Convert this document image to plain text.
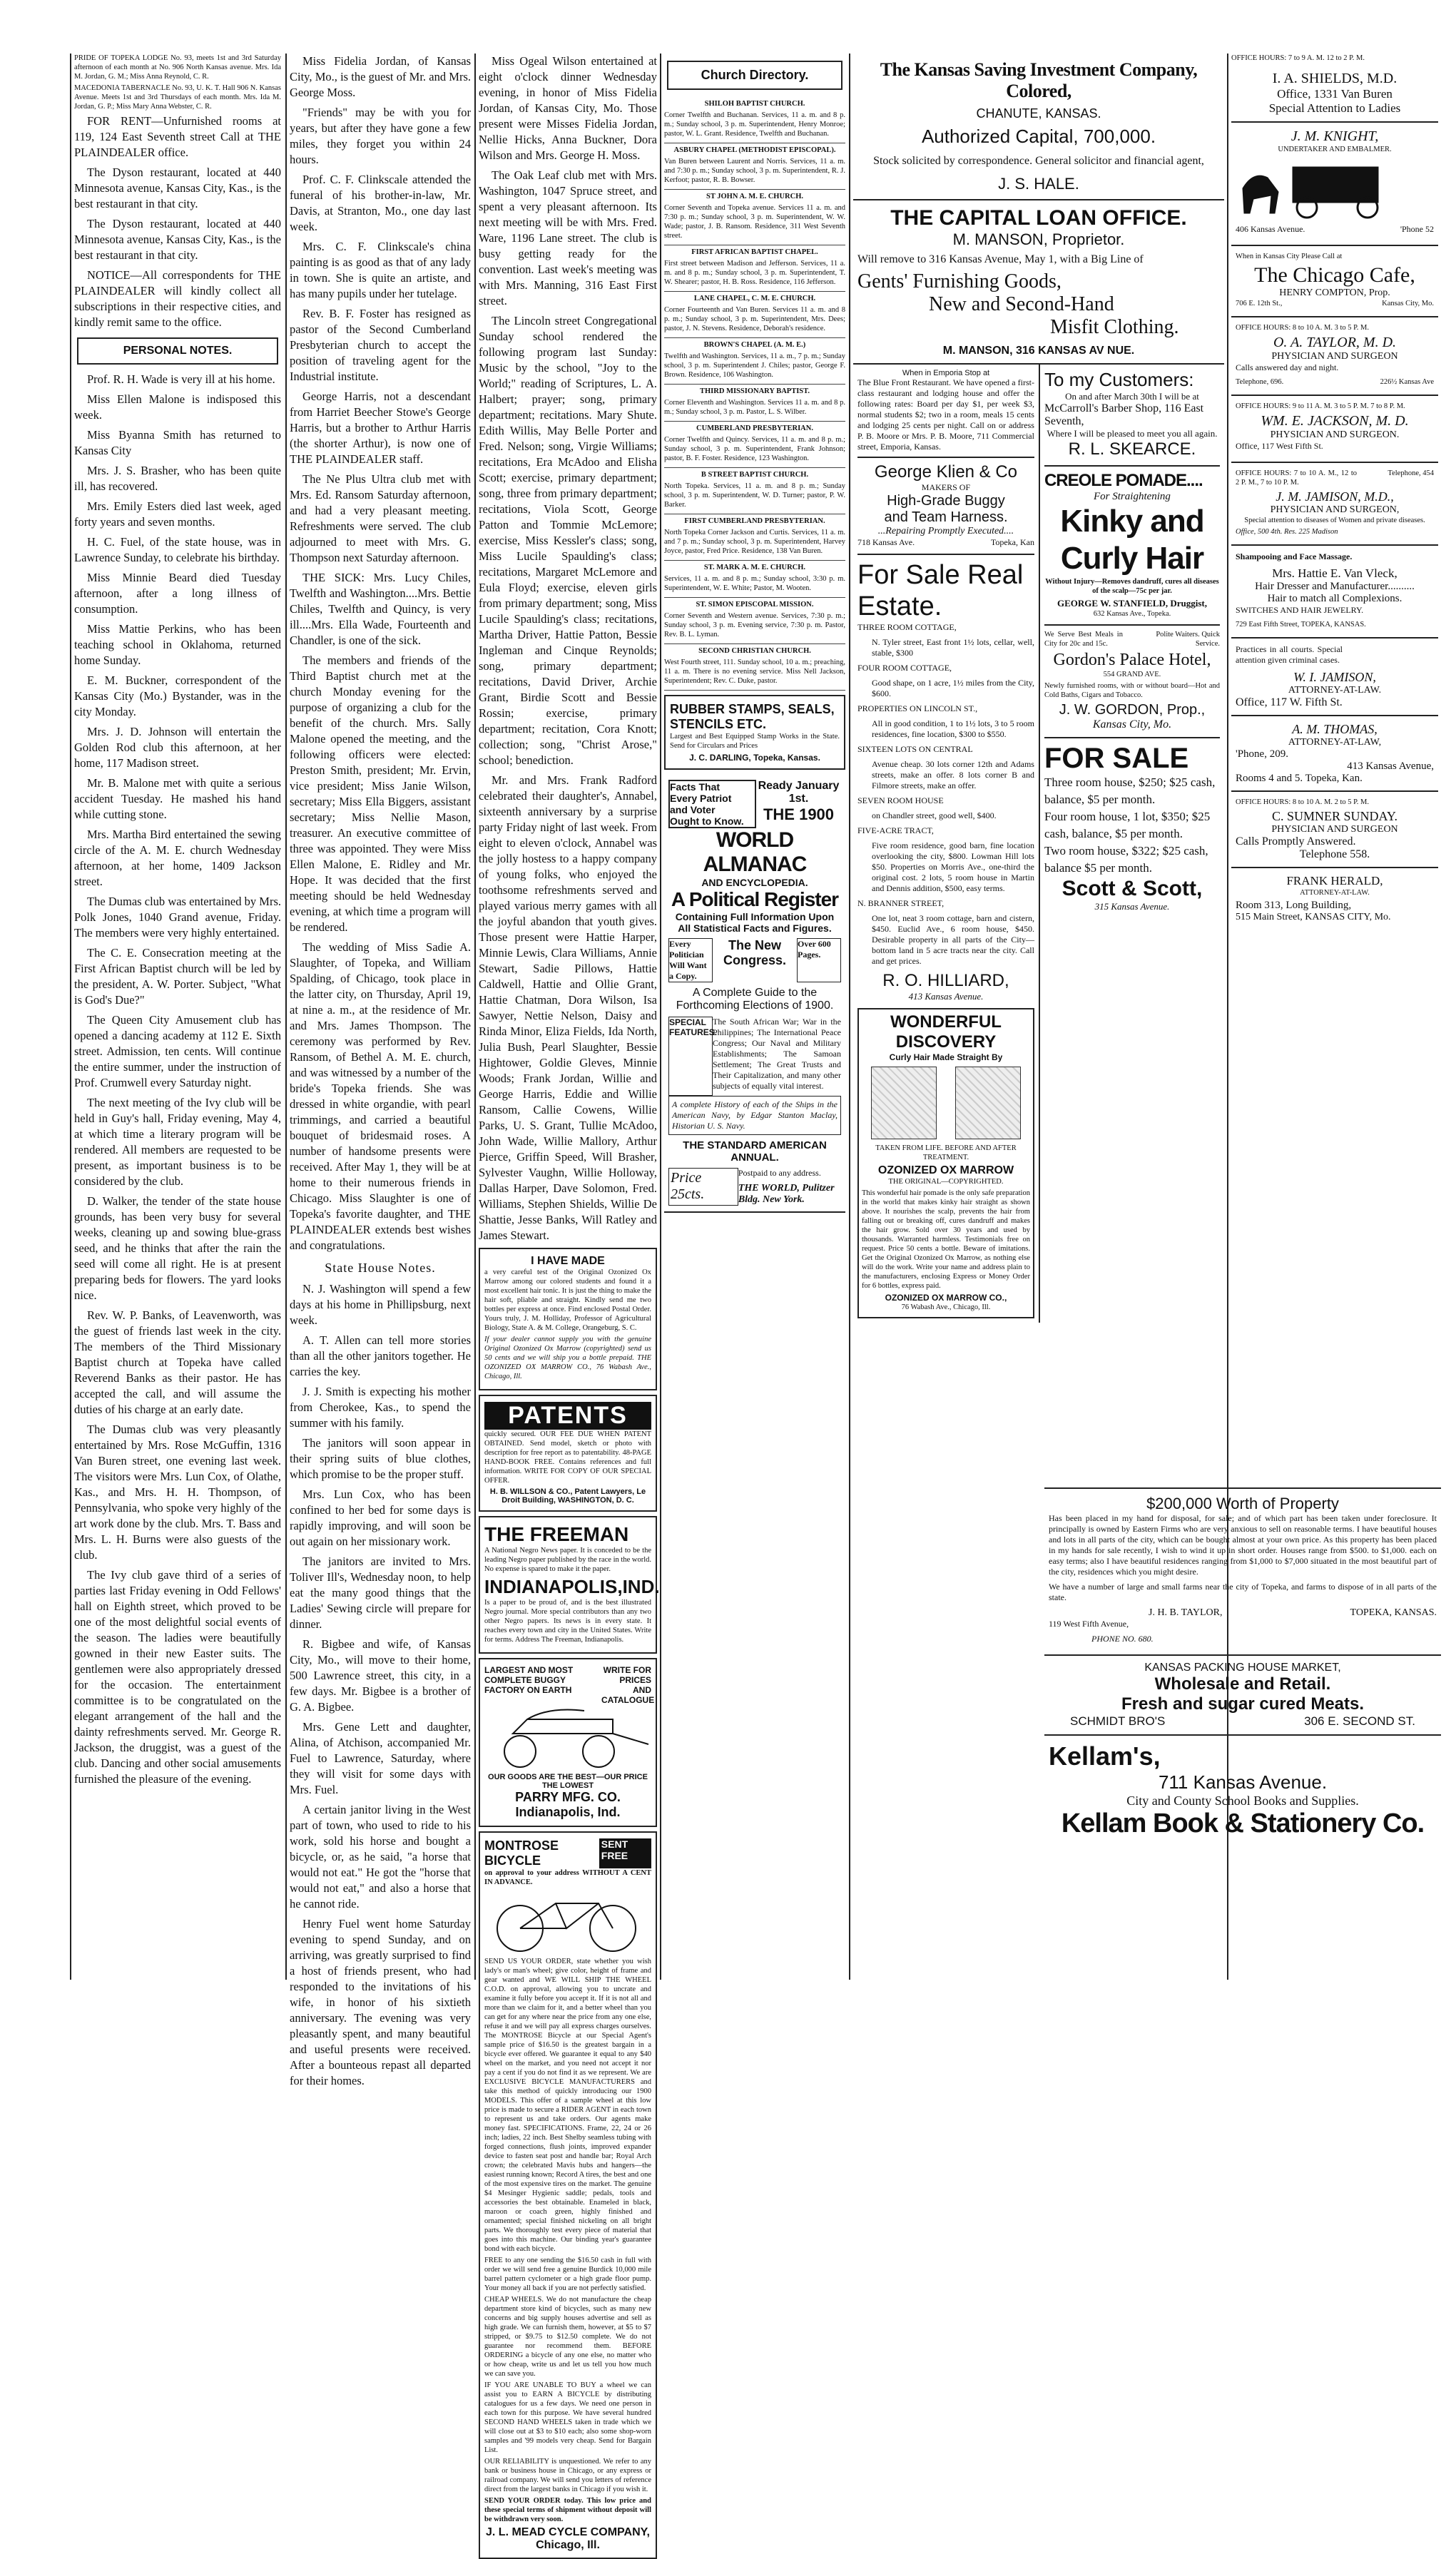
PRIDE OF TOPEKA LODGE No. 93, meets 1st and 3rd Saturday afternoon of each month at No. 906 North Kansas avenue. Mrs. Ida M. Jordan, G. M.; Miss Anna Reynold, C. R.

MACEDONIA TABERNACLE No. 93, U. K. T. Hall 906 N. Kansas Avenue. Meets 1st and 3rd Thursdays of each month. Mrs. Ida M. Jordan, G. P.; Miss Mary Anna Webster, C. R.

FOR RENT—Unfurnished rooms at 119, 124 East Seventh street Call at THE PLAINDEALER office.

The Dyson restaurant, located at 440 Minnesota avenue, Kansas City, Kas., is the best restaurant in that city.

The Dyson restaurant, located at 440 Minnesota avenue, Kansas City, Kas., is the best restaurant in that city.

NOTICE—All correspondents for THE PLAINDEALER will kindly collect all subscriptions in their respective cities, and kindly remit same to the office.

PERSONAL NOTES.

Prof. R. H. Wade is very ill at his home.

Miss Ellen Malone is indisposed this week.

Miss Byanna Smith has returned to Kansas City

Mrs. J. S. Brasher, who has been quite ill, has recovered.

Mrs. Emily Esters died last week, aged forty years and seven months.

H. C. Fuel, of the state house, was in Lawrence Sunday, to celebrate his birthday.

Miss Minnie Beard died Tuesday afternoon, after a long illness of consumption.

Miss Mattie Perkins, who has been teaching school in Oklahoma, returned home Sunday.

E. M. Buckner, correspondent of the Kansas City (Mo.) Bystander, was in the city Monday.

Mrs. J. D. Johnson will entertain the Golden Rod club this afternoon, at her home, 117 Madison street.

Mr. B. Malone met with quite a serious accident Tuesday. He mashed his hand while cutting stone.

Mrs. Martha Bird entertained the sewing circle of the A. M. E. church Wednesday afternoon, at her home, 1409 Jackson street.

The Dumas club was entertained by Mrs. Polk Jones, 1040 Grand avenue, Friday. The members were very highly entertained.

The C. E. Consecration meeting at the First African Baptist church will be led by the president, A. W. Porter. Subject, "What is God's Due?"

The Queen City Amusement club has opened a dancing academy at 112 E. Sixth street. Admission, ten cents. Will continue the entire summer, under the instruction of Prof. Crumwell every Saturday night.

The next meeting of the Ivy club will be held in Guy's hall, Friday evening, May 4, at which time a literary program will be rendered. All members are requested to be present, as important business is to be considered by the club.

D. Walker, the tender of the state house grounds, has been very busy for several weeks, cleaning up and sowing blue-grass seed, and he thinks that after the rain the seed will come all right. He is at present preparing beds for flowers. The yard looks nice.

Rev. W. P. Banks, of Leavenworth, was the guest of friends last week in the city. The members of the Third Missionary Baptist church at Topeka have called Reverend Banks as their pastor. He has accepted the call, and will assume the duties of his charge at an early date.

The Dumas club was very pleasantly entertained by Mrs. Rose McGuffin, 1316 Van Buren street, one evening last week. The visitors were Mrs. Lun Cox, of Olathe, Kas., and Mrs. H. H. Thompson, of Pennsylvania, who spoke very highly of the art work done by the club. Mrs. T. Bass and Mrs. L. H. Burns were also guests of the club.

The Ivy club gave third of a series of parties last Friday evening in Odd Fellows' hall on Eighth street, which proved to be one of the most delightful social events of the season. The ladies were beautifully gowned in their new Easter suits. The gentlemen were also appropriately dressed for the occasion. The entertainment committee is to be congratulated on the elegant arrangement of the hall and the dainty refreshments served. Mr. George R. Jackson, the druggist, was a guest of the club. Dancing and other social amusements furnished the pleasure of the evening.

Miss Fidelia Jordan, of Kansas City, Mo., is the guest of Mr. and Mrs. George Moss.

"Friends" may be with you for years, but after they have gone a few miles, they forget you within 24 hours.

Prof. C. F. Clinkscale attended the funeral of his brother-in-law, Mr. Davis, at Stranton, Mo., one day last week.

Mrs. C. F. Clinkscale's china painting is as good as that of any lady in town. She is quite an artiste, and has many pupils under her tutelage.

Rev. B. F. Foster has resigned as pastor of the Second Cumberland Presbyterian church to accept the position of traveling agent for the Industrial institute.

George Harris, not a descendant from Harriet Beecher Stowe's George Harris, but a brother to Arthur Harris (the shorter Arthur), is now one of THE PLAINDEALER staff.

The Ne Plus Ultra club met with Mrs. Ed. Ransom Saturday afternoon, and had a very pleasant meeting. Refreshments were served. The club adjourned to meet with Mrs. G. Thompson next Saturday afternoon.

THE SICK: Mrs. Lucy Chiles, Twelfth and Washington....Mrs. Bettie Chiles, Twelfth and Quincy, is very ill....Mrs. Ella Wade, Fourteenth and Chandler, is one of the sick.

The members and friends of the Third Baptist church met at the church Monday evening for the purpose of organizing a club for the benefit of the church. Mrs. Sally Malone opened the meeting, and the following officers were elected: Preston Smith, president; Mr. Ervin, vice president; Miss Janie Wilson, secretary; Miss Ella Biggers, assistant secretary; Miss Nellie Mason, treasurer. An executive committee of three was appointed. They were Miss Ellen Malone, E. Ridley and Mr. Hope. It was decided that the first meeting should be held Wednesday evening, at which time a program will be rendered.

The wedding of Miss Sadie A. Slaughter, of Topeka, and William Spalding, of Chicago, took place in the latter city, on Thursday, April 19, at nine a. m., at the residence of Mr. and Mrs. James Thompson. The ceremony was performed by Rev. Ransom, of Bethel A. M. E. church, and was witnessed by a number of the bride's Topeka friends. She was dressed in white organdie, with pearl trimmings, and carried a beautiful bouquet of bridesmaid roses. A number of handsome presents were received. After May 1, they will be at home to their numerous friends in Chicago. Miss Slaughter is one of Topeka's favorite daughter, and THE PLAINDEALER extends best wishes and congratulations.

State House Notes.

N. J. Washington will spend a few days at his home in Phillipsburg, next week.

A. T. Allen can tell more stories than all the other janitors together. He carries the key.

J. J. Smith is expecting his mother from Cherokee, Kas., to spend the summer with his family.

The janitors will soon appear in their spring suits of blue clothes, which promise to be the proper stuff.

Mrs. Lun Cox, who has been confined to her bed for some days is rapidly improving, and will soon be out again on her missionary work.

The janitors are invited to Mrs. Toliver Ill's, Wednesday noon, to help eat the many good things that the Ladies' Sewing circle will prepare for dinner.

R. Bigbee and wife, of Kansas City, Mo., will move to their home, 500 Lawrence street, this city, in a few days. Mr. Bigbee is a brother of G. A. Bigbee.

Mrs. Gene Lett and daughter, Alina, of Atchison, accompanied Mr. Fuel to Lawrence, Saturday, where they will visit for some days with Mrs. Fuel.

A certain janitor living in the West part of town, who used to ride to his work, sold his horse and bought a bicycle, or, as he said, "a horse that would not eat." He got the "horse that would not eat," and also a horse that he cannot ride.

Henry Fuel went home Saturday evening to spend Sunday, and on arriving, was greatly surprised to find a host of friends present, who had responded to the invitations of his wife, in honor of his sixtieth anniversary. The evening was very pleasantly spent, and many beautiful and useful presents were received. After a bounteous repast all departed for their homes.

Miss Ogeal Wilson entertained at eight o'clock dinner Wednesday evening, in honor of Miss Fidelia Jordan, of Kansas City, Mo. Those present were Misses Fidelia Jordan, Nellie Hicks, Anna Buckner, Dora Wilson and Mrs. George H. Moss.

The Oak Leaf club met with Mrs. Washington, 1047 Spruce street, and spent a very pleasant afternoon. Its next meeting will be with Mrs. Fred. Ware, 1196 Lane street. The club is busy getting ready for the convention. Last week's meeting was with Mrs. Manning, 316 East First street.

The Lincoln street Congregational Sunday school rendered the following program last Sunday: Music by the school, "Joy to the World;" reading of Scriptures, L. A. Halbert; prayer; song, primary department; recitations. Mary Shute. Edith Willis, May Belle Porter and Fred. Nelson; song, Virgie Williams; recitations, Era McAdoo and Elisha Scott; exercise, primary department; song, three from primary department; recitations, Viola Scott, George Patton and Tommie McLemore; exercise, Miss Kessler's class; song, Miss Lucile Spaulding's class; recitations, Margaret McLemore and Eula Floyd; exercise, eleven girls from primary department; song, Miss Lucile Spaulding's class; recitations, Martha Driver, Hattie Patton, Bessie Ingleman and Cinque Reynolds; song, primary department; recitations, David Driver, Archie Grant, Birdie Scott and Bessie Rossin; exercise, primary department; recitation, Cora Knott; collection; song, "Christ Arose," school; benediction.

Mr. and Mrs. Frank Radford celebrated their daughter's, Annabel, sixteenth anniversary by a surprise party Friday night of last week. From eight to eleven o'clock, Annabel was the jolly hostess to a happy company of young folks, who enjoyed the toothsome refreshments served and played various merry games with all the joyful abandon that youth gives. Those present were Hattie Harper, Minnie Lewis, Clara Williams, Annie Stewart, Sadie Pillows, Hattie Caldwell, Hattie and Ollie Grant, Hattie Chatman, Dora Wilson, Isa Sawyer, Nettie Nelson, Daisy and Rinda Minor, Eliza Fields, Ida North, Julia Bush, Pearl Slaughter, Bessie Hightower, Goldie Gleves, Minnie Woods; Frank Jordan, Willie and George Harris, Eddie and Willie Ransom, Callie Cowens, Willie Parks, U. S. Grant, Tullie McAdoo, John Wade, Willie Mallory, Arthur Pierce, Griffin Speed, Will Brasher, Sylvester Vaughn, Willie Holloway, Dallas Harper, Dave Solomon, Fred. Williams, Stephen Shields, Willie De Shattie, Jesse Banks, Will Ratley and James Stewart.

I HAVE MADE

a very careful test of the Original Ozonized Ox Marrow among our colored students and found it a most excellent hair tonic. It is just the thing to make the hair soft, pliable and straight. Kindly send me two bottles per express at once. Find enclosed Postal Order. Yours truly, J. M. Holliday, Professor of Agricultural Biology, State A. & M. College, Orangeburg, S. C.

If your dealer cannot supply you with the genuine Original Ozonized Ox Marrow (copyrighted) send us 50 cents and we will ship you a bottle prepaid. THE OZONIZED OX MARROW CO., 76 Wabash Ave., Chicago, Ill.

PATENTS

quickly secured. OUR FEE DUE WHEN PATENT OBTAINED. Send model, sketch or photo with description for free report as to patentability. 48-PAGE HAND-BOOK FREE. Contains references and full information. WRITE FOR COPY OF OUR SPECIAL OFFER.

H. B. WILLSON & CO., Patent Lawyers, Le Droit Building, WASHINGTON, D. C.
THE FREEMAN

A National Negro News paper. It is conceded to be the leading Negro paper published by the race in the world. No expense is spared to make it the paper.

INDIANAPOLIS, IND.

Is a paper to be proud of, and is the best illustrated Negro journal. More special contributors than any two other Negro papers. Its news is in every state. It reaches every town and city in the United States. Write for terms. Address The Freeman, Indianapolis.

LARGEST AND MOST COMPLETE BUGGY FACTORY ON EARTH
WRITE FOR PRICES AND CATALOGUE
OUR GOODS ARE THE BEST—OUR PRICE THE LOWEST
PARRY MFG. CO. Indianapolis, Ind.
MONTROSE BICYCLE
SENT FREE

on approval to your address WITHOUT A CENT IN ADVANCE.

SEND US YOUR ORDER, state whether you wish lady's or man's wheel; give color, height of frame and gear wanted and WE WILL SHIP THE WHEEL C.O.D. on approval, allowing you to uncrate and examine it fully before you accept it. If it is not all and more than we claim for it, and a better wheel than you can get for any where near the price from any one else, refuse it and we will pay all express charges ourselves. The MONTROSE Bicycle at our Special Agent's sample price of $16.50 is the greatest bargain in a bicycle ever offered. We guarantee it equal to any $40 wheel on the market, and you need not accept it nor pay a cent if you do not find it as we represent. We are EXCLUSIVE BICYCLE MANUFACTURERS and take this method of quickly introducing our 1900 MODELS. This offer of a sample wheel at this low price is made to secure a RIDER AGENT in each town to represent us and take orders. Our agents make money fast. SPECIFICATIONS. Frame, 22, 24 or 26 inch; ladies, 22 inch. Best Shelby seamless tubing with forged connections, flush joints, improved expander device to fasten seat post and handle bar; Royal Arch crown; the celebrated Mavis hubs and hangers—the easiest running known; Record A tires, the best and one of the most expensive tires on the market. The genuine $4 Mesinger Hygienic saddle; pedals, tools and accessories the best obtainable. Enameled in black, maroon or coach green, highly finished and ornamented; special finished nickeling on all bright parts. We thoroughly test every piece of material that goes into this machine. Our binding year's guarantee bond with each bicycle.

FREE to any one sending the $16.50 cash in full with order we will send free a genuine Burdick 10,000 mile barrel pattern cyclometer or a high grade floor pump. Your money all back if you are not perfectly satisfied.

CHEAP WHEELS. We do not manufacture the cheap department store kind of bicycles, such as many new concerns and big supply houses advertise and sell as high grade. We can furnish them, however, at $5 to $7 stripped, or $9.75 to $12.50 complete. We do not guarantee nor recommend them. BEFORE ORDERING a bicycle of any one else, no matter who or how cheap, write us and let us tell you how much we can save you.

IF YOU ARE UNABLE TO BUY a wheel we can assist you to EARN A BICYCLE by distributing catalogues for us a few days. We need one person in each town for this purpose. We have several hundred SECOND HAND WHEELS taken in trade which we will close out at $3 to $10 each; also some shop-worn samples and '99 models very cheap. Send for Bargain List.

OUR RELIABILITY is unquestioned. We refer to any bank or business house in Chicago, or any express or railroad company. We will send you letters of reference direct from the largest banks in Chicago if you wish it.

SEND YOUR ORDER today. This low price and these special terms of shipment without deposit will be withdrawn very soon.

J. L. MEAD CYCLE COMPANY, Chicago, Ill.
Church Directory.
SHILOH BAPTIST CHURCH.
Corner Twelfth and Buchanan. Services, 11 a. m. and 8 p. m.; Sunday school, 3 p. m. Superintendent, Henry Monroe; pastor, W. L. Grant. Residence, Twelfth and Buchanan.
ASBURY CHAPEL (METHODIST EPISCOPAL).
Van Buren between Laurent and Norris. Services, 11 a. m. and 7:30 p. m.; Sunday school, 3 p. m. Superintendent, R. J. Kerfoot; pastor, R. B. Bowser.
ST JOHN A. M. E. CHURCH.
Corner Seventh and Topeka avenue. Services 11 a. m. and 7:30 p. m.; Sunday school, 3 p. m. Superintendent, W. W. Wade; pastor, J. B. Ransom. Residence, 311 West Seventh street.
FIRST AFRICAN BAPTIST CHAPEL.
First street between Madison and Jefferson. Services, 11 a. m. and 8 p. m.; Sunday school, 3 p. m. Superintendent, T. W. Shearer; pastor, H. B. Ross. Residence, 116 Jefferson.
LANE CHAPEL, C. M. E. CHURCH.
Corner Fourteenth and Van Buren. Services 11 a. m. and 8 p. m.; Sunday school, 3 p. m. Superintendent, Mrs. Dees; pastor, J. N. Stevens. Residence, Deborah's residence.
BROWN'S CHAPEL (A. M. E.)
Twelfth and Washington. Services, 11 a. m., 7 p. m.; Sunday school, 3 p. m. Superintendent J. Chiles; pastor, George F. Brown. Residence, 106 Washington.
THIRD MISSIONARY BAPTIST.
Corner Eleventh and Washington. Services 11 a. m. and 8 p. m.; Sunday school, 3 p. m. Pastor, L. S. Wilber.
CUMBERLAND PRESBYTERIAN.
Corner Twelfth and Quincy. Services, 11 a. m. and 8 p. m.; Sunday school, 3 p. m. Superintendent, Frank Johnson; pastor, B. F. Foster. Residence, 123 Washington.
B STREET BAPTIST CHURCH.
North Topeka. Services, 11 a. m. and 8 p. m.; Sunday school, 3 p. m. Superintendent, W. D. Turner; pastor, P. W. Barker.
FIRST CUMBERLAND PRESBYTERIAN.
North Topeka Corner Jackson and Curtis. Services, 11 a. m. and 7 p. m.; Sunday school, 3 p. m. Superintendent, Harvey Joyce, pastor, Fred Price. Residence, 138 Van Buren.
ST. MARK A. M. E. CHURCH.
Services, 11 a. m. and 8 p. m.; Sunday school, 3:30 p. m. Superintendent, W. E. White; Pastor, M. Wooten.
ST. SIMON EPISCOPAL MISSION.
Corner Seventh and Western avenue. Services, 7:30 p. m.; Sunday school, 3 p. m. Evening service, 7:30 p. m. Pastor, Rev. B. L. Lyman.
SECOND CHRISTIAN CHURCH.
West Fourth street, 111. Sunday school, 10 a. m.; preaching, 11 a. m. There is no evening service. Miss Nell Jackson, Superintendent; Rev. C. Duke, pastor.
RUBBER STAMPS, SEALS, STENCILS ETC.

Largest and Best Equipped Stamp Works in the State. Send for Circulars and Prices

J. C. DARLING, Topeka, Kansas.
Facts That
Every Patriot
and Voter
Ought to Know.
Ready January 1st.
THE 1900
WORLD ALMANAC
AND ENCYCLOPEDIA.
A Political Register
Containing Full Information Upon All Statistical Facts and Figures.
Every Politician Will Want a Copy.
The New Congress.
Over 600 Pages.
A Complete Guide to the Forthcoming Elections of 1900.
SPECIAL FEATURES.
The South African War; War in the Philippines; The International Peace Congress; Our Naval and Military Establishments; The Samoan Settlement; The Great Trusts and Their Capitalization, and many other subjects of equally vital interest.

A complete History of each of the Ships in the American Navy, by Edgar Stanton Maclay, Historian U. S. Navy.

THE STANDARD AMERICAN ANNUAL.
Price 25cts.
Postpaid to any address.
THE WORLD, Pulitzer Bldg. New York.
The Kansas Saving Investment Company, Colored,
CHANUTE, KANSAS.
Authorized Capital, 700,000.
Stock solicited by correspondence. General solicitor and financial agent,
J. S. HALE.
THE CAPITAL LOAN OFFICE.
M. MANSON, Proprietor.
Will remove to 316 Kansas Avenue, May 1, with a Big Line of
Gents' Furnishing Goods,
New and Second-Hand
Misfit Clothing.
M. MANSON, 316 KANSAS AV NUE.
When in Emporia Stop at

The Blue Front Restaurant. We have opened a first-class restaurant and lodging house and offer the following rates: Board per day $1, per week $3, normal students $2; two in a room, meals 15 cents and lodging 25 cents per night. Call on or address P. B. Moore or Mrs. P. B. Moore, 711 Commercial street, Emporia, Kansas.

George Klien & Co
MAKERS OF
High-Grade Buggy
and Team Harness.
...Repairing Promptly Executed....
718 Kansas Ave.	Topeka, Kan
For Sale Real Estate.
THREE ROOM COTTAGE,

N. Tyler street, East front 1½ lots, cellar, well, stable, $300

FOUR ROOM COTTAGE,

Good shape, on 1 acre, 1½ miles from the City, $600.

PROPERTIES ON LINCOLN ST.,

All in good condition, 1 to 1½ lots, 3 to 5 room residences, fine location, $300 to $550.

SIXTEEN LOTS ON CENTRAL

Avenue cheap. 30 lots corner 12th and Adams streets, make an offer. 8 lots corner B and Filmore streets, make an offer.

SEVEN ROOM HOUSE

on Chandler street, good well, $400.

FIVE-ACRE TRACT,

Five room residence, good barn, fine location overlooking the city, $800. Lowman Hill lots $50. Properties on Morris Ave., one-third the original cost. 2 lots, 5 room house in Martin and Dennis addition, $500, easy terms.

N. BRANNER STREET,

One lot, neat 3 room cottage, barn and cistern, $450. Euclid Ave., 6 room house, $450. Desirable property in all parts of the City—bottom land in 5 acre tracts near the city. Call and get prices.

R. O. HILLIARD,
413 Kansas Avenue.
WONDERFUL DISCOVERY
Curly Hair Made Straight By
TAKEN FROM LIFE. BEFORE AND AFTER TREATMENT.
OZONIZED OX MARROW
THE ORIGINAL—COPYRIGHTED.

This wonderful hair pomade is the only safe preparation in the world that makes kinky hair straight as shown above. It nourishes the scalp, prevents the hair from falling out or breaking off, cures dandruff and makes the hair grow. Sold over 30 years and used by thousands. Warranted harmless. Testimonials free on request. Price 50 cents a bottle. Beware of imitations. Get the Original Ozonized Ox Marrow, as nothing else will do the work. Write your name and address plain to the manufacturers, enclosing Express or Money Order for 6 bottles, express paid.

OZONIZED OX MARROW CO.,
76 Wabash Ave., Chicago, Ill.
To my Customers:
On and after March 30th I will be at
McCarroll's Barber Shop, 116 East Seventh,
Where I will be pleased to meet you all again.
R. L. SKEARCE.
CREOLE POMADE....
For Straightening
Kinky and Curly Hair
Without Injury—Removes dandruff, cures all diseases of the scalp—75c per jar.
GEORGE W. STANFIELD, Druggist,
632 Kansas Ave., Topeka.
We Serve Best Meals in City for 20c and 15c.
Polite Waiters. Quick Service.
Gordon's Palace Hotel,
554 GRAND AVE.

Newly furnished rooms, with or without board—Hot and Cold Baths, Cigars and Tobacco.

J. W. GORDON, Prop.,
Kansas City, Mo.
FOR SALE
Three room house, $250; $25 cash, balance, $5 per month.
Four room house, 1 lot, $350; $25 cash, balance, $5 per month.
Two room house, $322; $25 cash, balance $5 per month.
Scott & Scott,
315 Kansas Avenue.
OFFICE HOURS: 7 to 9 A. M. 12 to 2 P. M.
I. A. SHIELDS, M.D.
Office, 1331 Van Buren
Special Attention to Ladies
J. M. KNIGHT,
UNDERTAKER AND EMBALMER.
406 Kansas Avenue.	'Phone 52
When in Kansas City Please Call at
The Chicago Cafe,
HENRY COMPTON, Prop.
706 E. 12th St.,	Kansas City, Mo.
OFFICE HOURS: 8 to 10 A. M. 3 to 5 P. M.
O. A. TAYLOR, M. D.
PHYSICIAN AND SURGEON
Calls answered day and night.
Telephone, 696.	226½ Kansas Ave
OFFICE HOURS: 9 to 11 A. M. 3 to 5 P. M. 7 to 8 P. M.
WM. E. JACKSON, M. D.
PHYSICIAN AND SURGEON.
Office, 117 West Fifth St.
OFFICE HOURS: 7 to 10 A. M., 12 to 2 P. M., 7 to 10 P. M.
Telephone, 454
J. M. JAMISON, M.D.,
PHYSICIAN AND SURGEON,
Special attention to diseases of Women and private diseases.
Office, 500 4th. Res. 225 Madison
Shampooing and Face Massage.
Mrs. Hattie E. Van Vleck,
Hair Dresser and Manufacturer..........
Hair to match all Complexions.
SWITCHES AND HAIR JEWELRY.
729 East Fifth Street, TOPEKA, KANSAS.
Practices in all courts. Special attention given criminal cases.
W. I. JAMISON,
ATTORNEY-AT-LAW.
Office, 117 W. Fifth St.
A. M. THOMAS,
ATTORNEY-AT-LAW,
'Phone, 209.
413 Kansas Avenue,
Rooms 4 and 5. Topeka, Kan.
OFFICE HOURS: 8 to 10 A. M. 2 to 5 P. M.
C. SUMNER SUNDAY.
PHYSICIAN AND SURGEON
Calls Promptly Answered.
Telephone 558.
FRANK HERALD,
ATTORNEY-AT-LAW.
Room 313, Long Building,
515 Main Street, KANSAS CITY, Mo.
$200,000 Worth of Property

Has been placed in my hand for disposal, for sale; and of which part has been taken under foreclosure. It principally is owned by Eastern Firms who are very anxious to sell on reasonable terms. I have beautiful houses and lots in all parts of the city, which can be bought almost at your own price. As this property has been placed in my hands for sale recently, I wish to wind it up in short order. Houses range from $500. to $1,000. each on easy terms; also I have beautiful residences ranging from $1,000 to $7,000 situated in the most beautiful part of the city, residences which you might desire.

We have a number of large and small farms near the city of Topeka, and farms to dispose of in all parts of the state.

J. H. B. TAYLOR,	TOPEKA, KANSAS.
119 West Fifth Avenue,
PHONE NO. 680.
KANSAS PACKING HOUSE MARKET,
Wholesale and Retail.
Fresh and sugar cured Meats.
SCHMIDT BRO'S	306 E. SECOND ST.
Kellam's,
711 Kansas Avenue.
City and County School Books and Supplies.
Kellam Book & Stationery Co.
